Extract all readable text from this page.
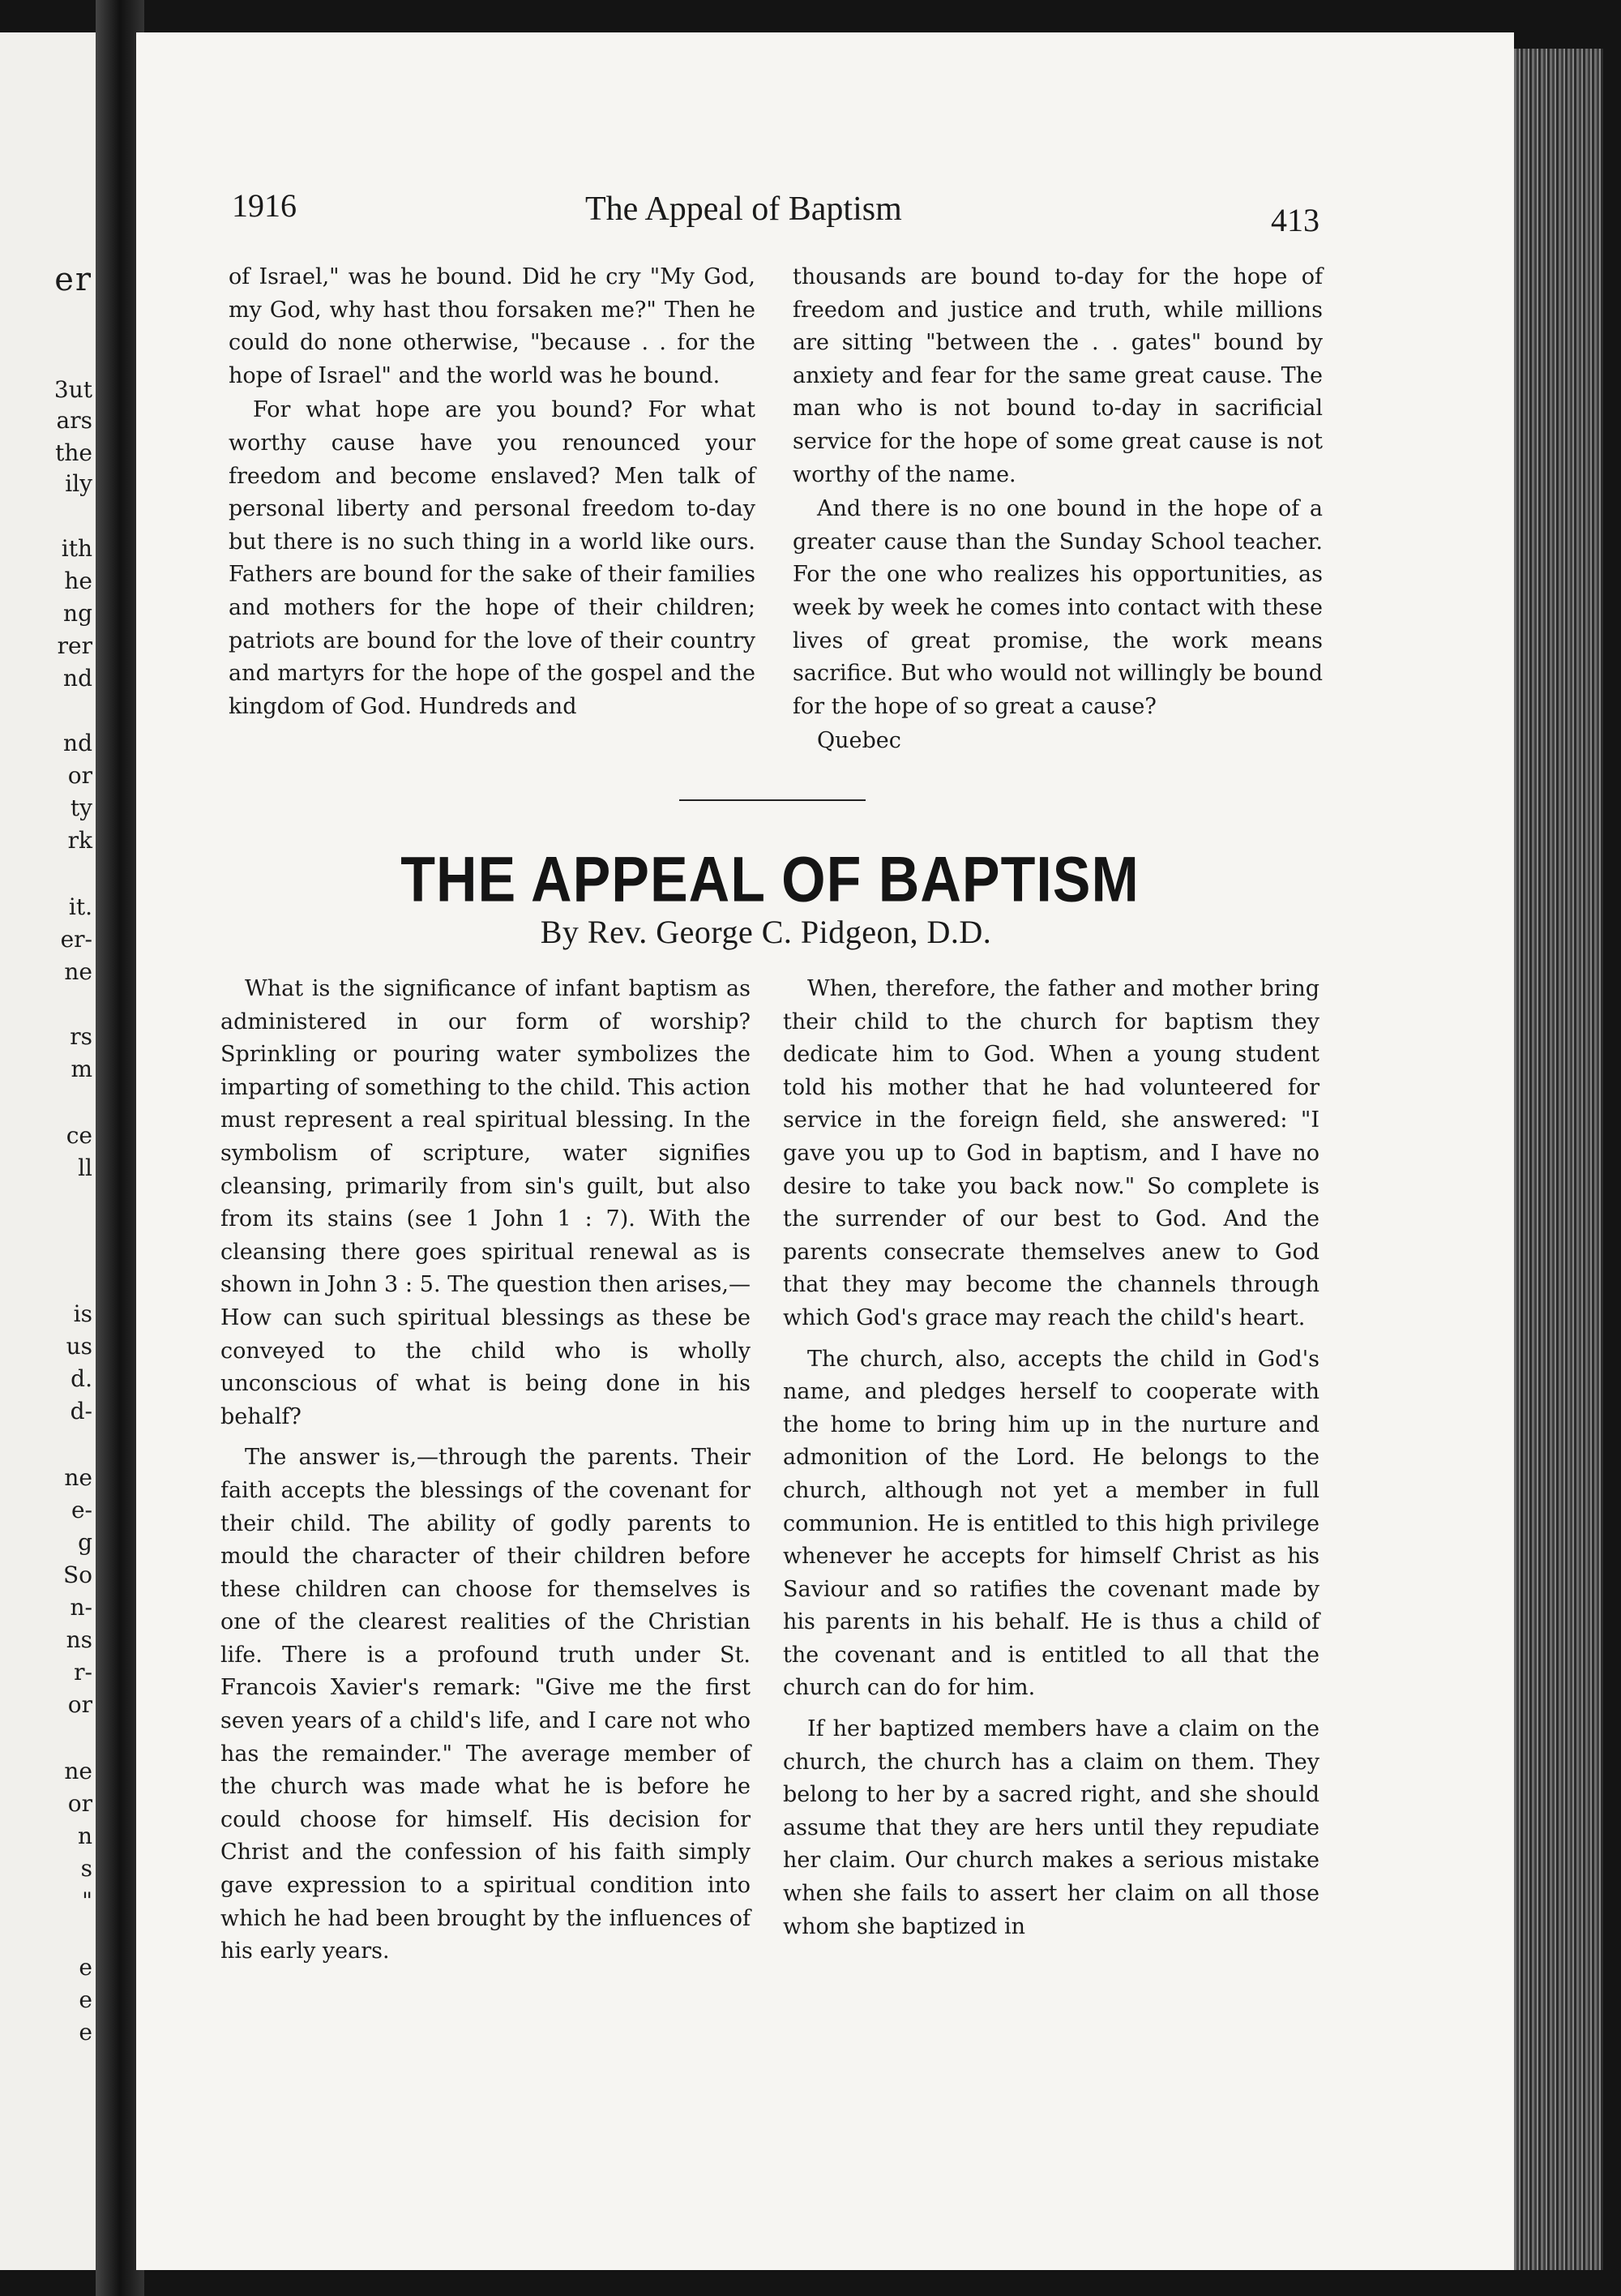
er
3ut
ars
the
ily
ith
he
ng
rer
nd
nd
or
ty
rk
it.
er-
ne
rs
m
ce
ll
is
us
d.
d-
ne
e-
g
So
n-
ns
r-
or
ne
or
n
s
"
e
e
e
1916	The Appeal of Baptism	413

of Israel," was he bound. Did he cry "My God, my God, why hast thou forsaken me?" Then he could do none otherwise, "because . . for the hope of Israel" and the world was he bound.

For what hope are you bound? For what worthy cause have you renounced your freedom and become enslaved? Men talk of personal liberty and personal freedom to-day but there is no such thing in a world like ours. Fathers are bound for the sake of their families and mothers for the hope of their children; patriots are bound for the love of their country and martyrs for the hope of the gospel and the kingdom of God. Hundreds and

thousands are bound to-day for the hope of freedom and justice and truth, while millions are sitting "between the . . gates" bound by anxiety and fear for the same great cause. The man who is not bound to-day in sacrificial service for the hope of some great cause is not worthy of the name.

And there is no one bound in the hope of a greater cause than the Sunday School teacher. For the one who realizes his opportunities, as week by week he comes into contact with these lives of great promise, the work means sacrifice. But who would not willingly be bound for the hope of so great a cause?

Quebec

THE APPEAL OF BAPTISM
By Rev. George C. Pidgeon, D.D.

What is the significance of infant baptism as administered in our form of worship? Sprinkling or pouring water symbolizes the imparting of something to the child. This action must represent a real spiritual blessing. In the symbolism of scripture, water signifies cleansing, primarily from sin's guilt, but also from its stains (see 1 John 1 : 7). With the cleansing there goes spiritual renewal as is shown in John 3 : 5. The question then arises,—How can such spiritual blessings as these be conveyed to the child who is wholly unconscious of what is being done in his behalf?

The answer is,—through the parents. Their faith accepts the blessings of the covenant for their child. The ability of godly parents to mould the character of their children before these children can choose for themselves is one of the clearest realities of the Christian life. There is a profound truth under St. Francois Xavier's remark: "Give me the first seven years of a child's life, and I care not who has the remainder." The average member of the church was made what he is before he could choose for himself. His decision for Christ and the confession of his faith simply gave expression to a spiritual condition into which he had been brought by the influences of his early years.

When, therefore, the father and mother bring their child to the church for baptism they dedicate him to God. When a young student told his mother that he had volunteered for service in the foreign field, she answered: "I gave you up to God in baptism, and I have no desire to take you back now." So complete is the surrender of our best to God. And the parents consecrate themselves anew to God that they may become the channels through which God's grace may reach the child's heart.

The church, also, accepts the child in God's name, and pledges herself to cooperate with the home to bring him up in the nurture and admonition of the Lord. He belongs to the church, although not yet a member in full communion. He is entitled to this high privilege whenever he accepts for himself Christ as his Saviour and so ratifies the covenant made by his parents in his behalf. He is thus a child of the covenant and is entitled to all that the church can do for him.

If her baptized members have a claim on the church, the church has a claim on them. They belong to her by a sacred right, and she should assume that they are hers until they repudiate her claim. Our church makes a serious mistake when she fails to assert her claim on all those whom she baptized in
